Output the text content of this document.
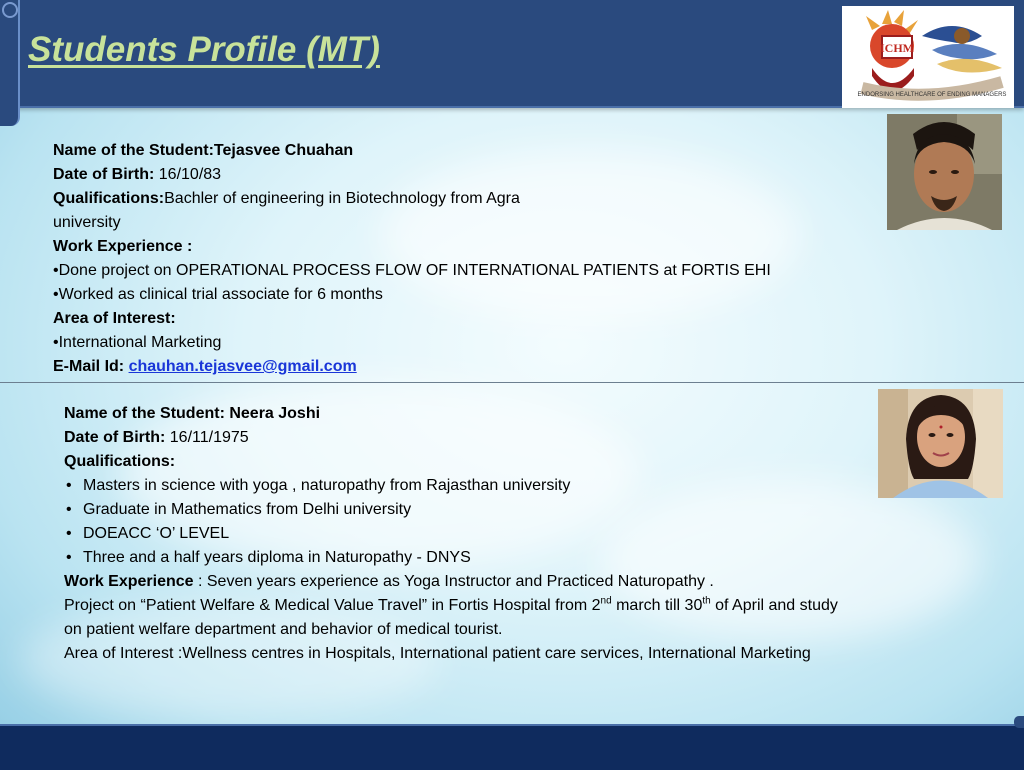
Students Profile (MT)	ICHM
ENDORSING HEALTHCARE OF ENDING MANAGERS
Name of the Student:Tejasvee Chuahan
Date of Birth: 16/10/83
Qualifications:Bachler of engineering in Biotechnology from Agra
university
Work Experience :
•Done project on OPERATIONAL PROCESS FLOW OF INTERNATIONAL PATIENTS at FORTIS EHI
•Worked as clinical trial associate for 6 months
Area of Interest:
•International Marketing
E-Mail Id: chauhan.tejasvee@gmail.com
Name of the Student: Neera Joshi
Date of Birth: 16/11/1975
Qualifications:
• Masters in science with yoga , naturopathy from Rajasthan university
• Graduate in Mathematics from Delhi university
• DOEACC ‘O’ LEVEL
• Three and a half years diploma in Naturopathy - DNYS
Work Experience : Seven years experience as Yoga Instructor and Practiced Naturopathy .
Project on “Patient Welfare & Medical Value Travel” in Fortis Hospital from 2nd march till 30th of April and study
on patient welfare department and behavior of medical tourist.
Area of Interest :Wellness centres in Hospitals, International patient care services, International Marketing
